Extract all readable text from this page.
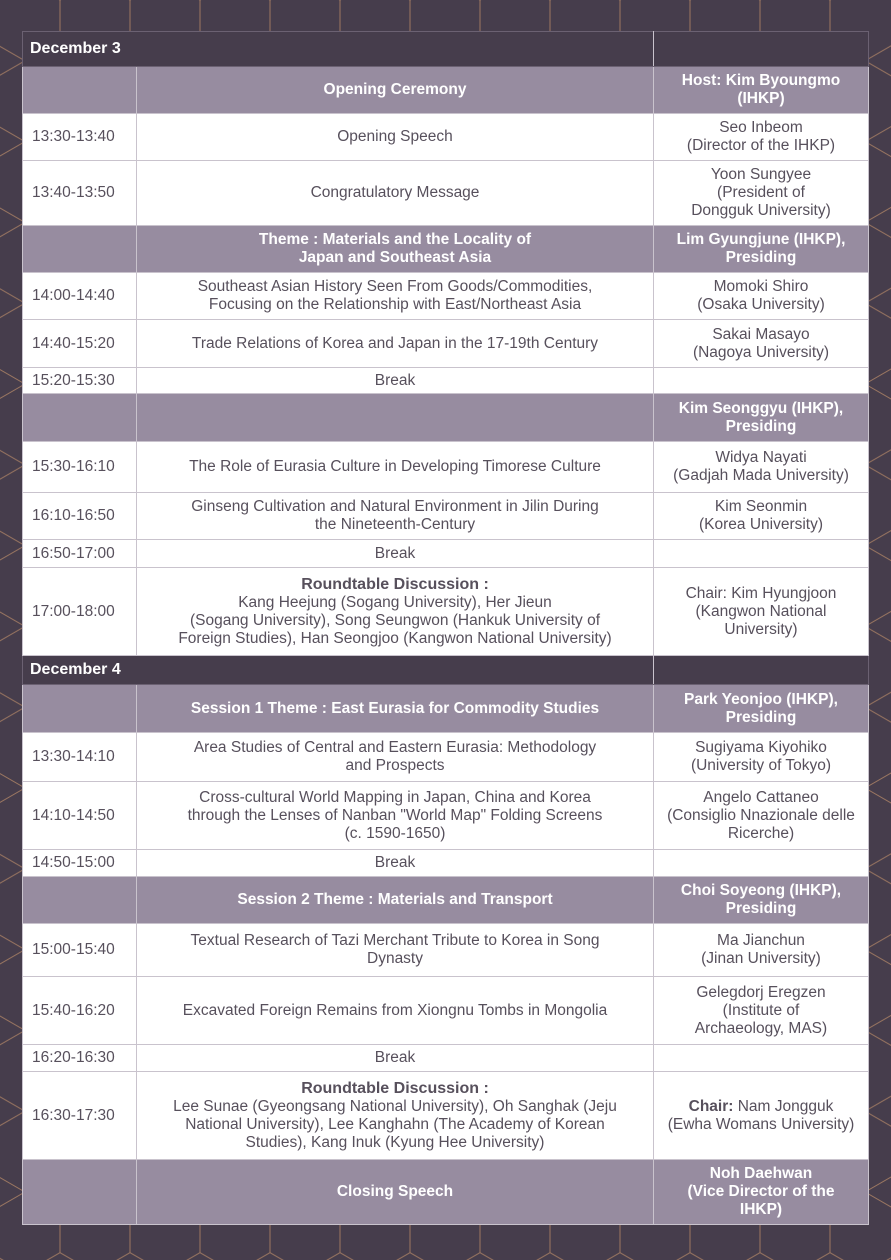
December 3		
	Opening Ceremony	Host: Kim Byoungmo
(IHKP)
13:30-13:40	Opening Speech	Seo Inbeom
(Director of the IHKP)
13:40-13:50	Congratulatory Message	Yoon Sungyee
(President of
Dongguk University)
	Theme : Materials and the Locality of
Japan and Southeast Asia	Lim Gyungjune (IHKP),
Presiding
14:00-14:40	Southeast Asian History Seen From Goods/Commodities,
Focusing on the Relationship with East/Northeast Asia	Momoki Shiro
(Osaka University)
14:40-15:20	Trade Relations of Korea and Japan in the 17-19th Century	Sakai Masayo
(Nagoya University)
15:20-15:30	Break	
		Kim Seonggyu (IHKP),
Presiding
15:30-16:10	The Role of Eurasia Culture in Developing Timorese Culture	Widya Nayati
(Gadjah Mada University)
16:10-16:50	Ginseng Cultivation and Natural Environment in Jilin During
the Nineteenth-Century	Kim Seonmin
(Korea University)
16:50-17:00	Break	
17:00-18:00	Roundtable Discussion :
Kang Heejung (Sogang University), Her Jieun
(Sogang University), Song Seungwon (Hankuk University of
Foreign Studies), Han Seongjoo (Kangwon National University)	Chair: Kim Hyungjoon
(Kangwon National
University)
December 4		
	Session 1 Theme : East Eurasia for Commodity Studies	Park Yeonjoo (IHKP),
Presiding
13:30-14:10	Area Studies of Central and Eastern Eurasia: Methodology
and Prospects	Sugiyama Kiyohiko
(University of Tokyo)
14:10-14:50	Cross-cultural World Mapping in Japan, China and Korea
through the Lenses of Nanban "World Map" Folding Screens
(c. 1590-1650)	Angelo Cattaneo
(Consiglio Nnazionale delle
Ricerche)
14:50-15:00	Break	
	Session 2 Theme : Materials and Transport	Choi Soyeong (IHKP),
Presiding
15:00-15:40	Textual Research of Tazi Merchant Tribute to Korea in Song
Dynasty	Ma Jianchun
(Jinan University)
15:40-16:20	Excavated Foreign Remains from Xiongnu Tombs in Mongolia	Gelegdorj Eregzen
(Institute of
Archaeology, MAS)
16:20-16:30	Break	
16:30-17:30	Roundtable Discussion :
Lee Sunae (Gyeongsang National University), Oh Sanghak (Jeju
National University), Lee Kanghahn (The Academy of Korean
Studies), Kang Inuk (Kyung Hee University)	Chair: Nam Jongguk
(Ewha Womans University)
	Closing Speech	Noh Daehwan
(Vice Director of the
IHKP)
